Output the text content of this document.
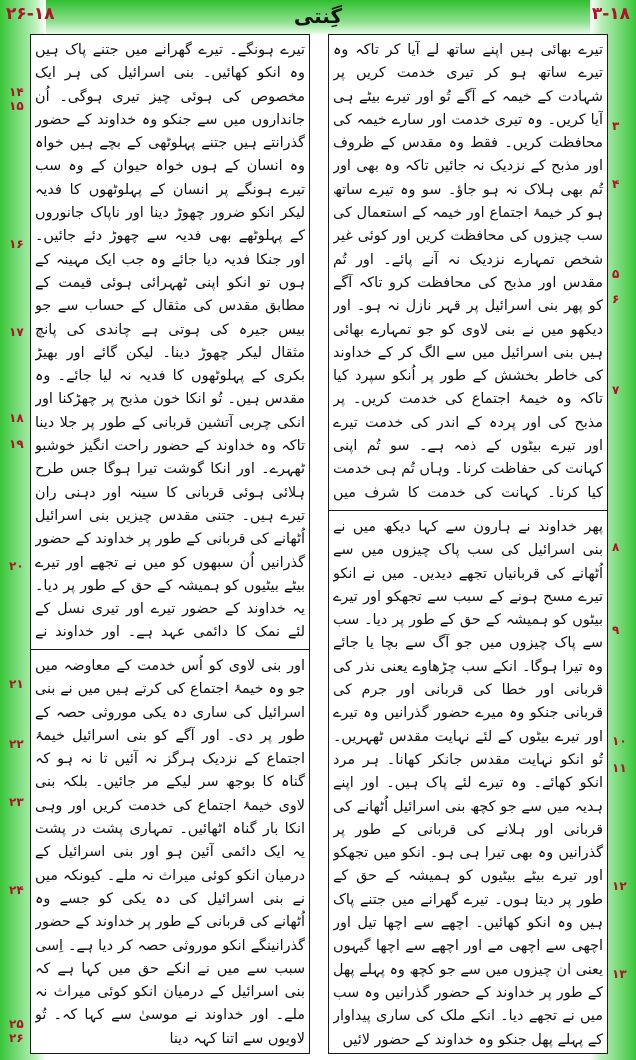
۲۶-۱۸	گِنتی	۳-۱۸
تیرے بھائی ہیں اپنے ساتھ لے آیا کر تاکہ وہ تیرے ساتھ ہو کر تیری خدمت کریں پر شہادت کے خیمہ کے آگے تُو اور تیرے بیٹے ہی آیا کریں۔ وہ تیری خدمت اور سارے خیمہ کی محافظت کریں۔ فقط وہ مقدس کے ظروف اور مذبح کے نزدیک نہ جائیں تاکہ وہ بھی اور تُم بھی ہلاک نہ ہو جاؤ۔ سو وہ تیرے ساتھ ہو کر خیمۂ اجتماع اور خیمہ کے استعمال کی سب چیزوں کی محافظت کریں اور کوئی غیر شخص تمہارے نزدیک نہ آنے پائے۔ اور تُم مقدس اور مذبح کی محافظت کرو تاکہ آگے کو پھر بنی اسرائیل پر قہر نازل نہ ہو۔ اور دیکھو میں نے بنی لاوی کو جو تمہارے بھائی ہیں بنی اسرائیل میں سے الگ کر کے خداوند کی خاطر بخشش کے طور پر اُنکو سپرد کیا تاکہ وہ خیمۂ اجتماع کی خدمت کریں۔ پر مذبح کی اور پردہ کے اندر کی خدمت تیرے اور تیرے بیٹوں کے ذمہ ہے۔ سو تُم اپنی کہانت کی حفاظت کرنا۔ وہاں تُم ہی خدمت کیا کرنا۔ کہانت کی خدمت کا شرف میں
پھر خداوند نے ہارون سے کہا دیکھ میں نے بنی اسرائیل کی سب پاک چیزوں میں سے اُٹھانے کی قربانیاں تجھے دیدیں۔ میں نے انکو تیرے مسح ہونے کے سبب سے تجھکو اور تیرے بیٹوں کو ہمیشہ کے حق کے طور پر دیا۔ سب سے پاک چیزوں میں جو آگ سے بچا یا جائے وہ تیرا ہوگا۔ انکے سب چڑھاوے یعنی نذر کی قربانی اور خطا کی قربانی اور جرم کی قربانی جنکو وہ میرے حضور گذرانیں وہ تیرے اور تیرے بیٹوں کے لئے نہایت مقدس ٹھہریں۔ تُو انکو نہایت مقدس جانکر کھانا۔ ہر مرد انکو کھائے۔ وہ تیرے لئے پاک ہیں۔ اور اپنے ہدیہ میں سے جو کچھ بنی اسرائیل اُٹھانے کی قربانی اور ہلانے کی قربانی کے طور پر گذرانیں وہ بھی تیرا ہی ہو۔ انکو میں تجھکو اور تیرے بیٹے بیٹیوں کو ہمیشہ کے حق کے طور پر دیتا ہوں۔ تیرے گھرانے میں جتنے پاک ہیں وہ انکو کھائیں۔ اچھے سے اچھا تیل اور اچھی سے اچھی مے اور اچھے سے اچھا گیہوں یعنی ان چیزوں میں سے جو کچھ وہ پہلے پھل کے طور پر خداوند کے حضور گذرانیں وہ سب میں نے تجھے دیا۔ انکے ملک کی ساری پیداوار کے پہلے پھل جنکو وہ خداوند کے حضور لائیں
تیرے ہونگے۔ تیرے گھرانے میں جتنے پاک ہیں وہ انکو کھائیں۔ بنی اسرائیل کی ہر ایک مخصوص کی ہوئی چیز تیری ہوگی۔ اُن جانداروں میں سے جنکو وہ خداوند کے حضور گذرانتے ہیں جتنے پہلوٹھی کے بچے ہیں خواہ وہ انسان کے ہوں خواہ حیوان کے وہ سب تیرے ہونگے پر انسان کے پہلوٹھوں کا فدیہ لیکر انکو ضرور چھوڑ دینا اور ناپاک جانوروں کے پہلوٹھے بھی فدیہ سے چھوڑ دئے جائیں۔ اور جنکا فدیہ دیا جائے وہ جب ایک مہینہ کے ہوں تو انکو اپنی ٹھہرائی ہوئی قیمت کے مطابق مقدس کی مثقال کے حساب سے جو بیس جیرہ کی ہوتی ہے چاندی کی پانچ مثقال لیکر چھوڑ دینا۔ لیکن گائے اور بھیڑ بکری کے پہلوٹھوں کا فدیہ نہ لیا جائے۔ وہ مقدس ہیں۔ تُو انکا خون مذبح پر چھڑکنا اور انکی چربی آتشین قربانی کے طور پر جلا دینا تاکہ وہ خداوند کے حضور راحت انگیز خوشبو ٹھہرے۔ اور انکا گوشت تیرا ہوگا جس طرح ہلائی ہوئی قربانی کا سینہ اور دہنی ران تیرے ہیں۔ جتنی مقدس چیزیں بنی اسرائیل اُٹھانے کی قربانی کے طور پر خداوند کے حضور گذرانیں اُن سبھوں کو میں نے تجھے اور تیرے بیٹے بیٹیوں کو ہمیشہ کے حق کے طور پر دیا۔ یہ خداوند کے حضور تیرے اور تیری نسل کے لئے نمک کا دائمی عہد ہے۔ اور خداوند نے
اور بنی لاوی کو اُس خدمت کے معاوضہ میں جو وہ خیمۂ اجتماع کی کرتے ہیں میں نے بنی اسرائیل کی ساری دہ یکی موروثی حصہ کے طور پر دی۔ اور آگے کو بنی اسرائیل خیمۂ اجتماع کے نزدیک ہرگز نہ آئیں تا نہ ہو کہ گناہ کا بوجھ سر لیکے مر جائیں۔ بلکہ بنی لاوی خیمۂ اجتماع کی خدمت کریں اور وہی انکا بار گناہ اٹھائیں۔ تمہاری پشت در پشت یہ ایک دائمی آئین ہو اور بنی اسرائیل کے درمیان انکو کوئی میراث نہ ملے۔ کیونکہ میں نے بنی اسرائیل کی دہ یکی کو جسے وہ اُٹھانے کی قربانی کے طور پر خداوند کے حضور گذرانینگے انکو موروثی حصہ کر دیا ہے۔ اِسی سبب سے میں نے انکے حق میں کہا ہے کہ بنی اسرائیل کے درمیان انکو کوئی میراث نہ ملے۔ اور خداوند نے موسیٰ سے کہا کہ۔ تُو لاویوں سے اتنا کہہ دینا
۳
۴
۵
۶
۷
۸
۹
۱۰
۱۱
۱۲
۱۳
۱۴
۱۵
۱۶
۱۷
۱۸
۱۹
۲۰
۲۱
۲۲
۲۳
۲۴
۲۵
۲۶
